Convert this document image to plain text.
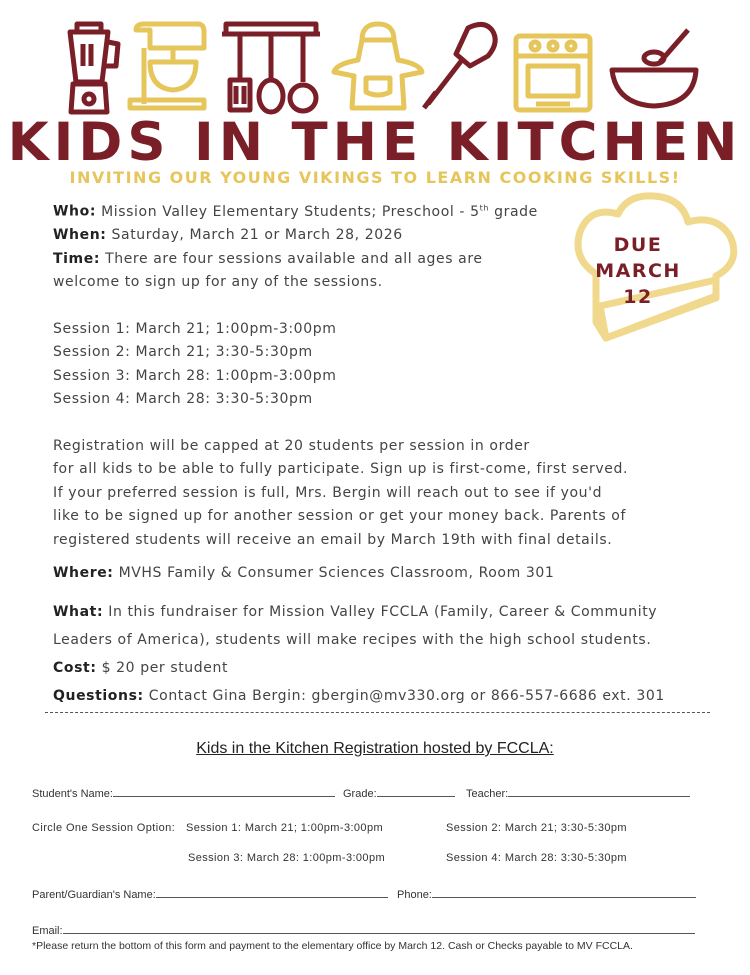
KIDS IN THE KITCHEN
INVITING OUR YOUNG VIKINGS TO LEARN COOKING SKILLS!
DUE
MARCH
12
Who: Mission Valley Elementary Students; Preschool - 5th grade
When: Saturday, March 21 or March 28, 2026
Time: There are four sessions available and all ages are
welcome to sign up for any of the sessions.
Session 1: March 21; 1:00pm-3:00pm
Session 2: March 21; 3:30-5:30pm
Session 3: March 28: 1:00pm-3:00pm
Session 4: March 28: 3:30-5:30pm
Registration will be capped at 20 students per session in order
for all kids to be able to fully participate. Sign up is first-come, first served.
If your preferred session is full, Mrs. Bergin will reach out to see if you'd
like to be signed up for another session or get your money back. Parents of
registered students will receive an email by March 19th with final details.
Where: MVHS Family & Consumer Sciences Classroom, Room 301
What: In this fundraiser for Mission Valley FCCLA (Family, Career & Community
Leaders of America), students will make recipes with the high school students.
Cost: $ 20 per student
Questions: Contact Gina Bergin: gbergin@mv330.org or 866-557-6686 ext. 301
Kids in the Kitchen Registration hosted by FCCLA:
Student's Name:	Grade:	Teacher:
Circle One Session Option: Session 1: March 21; 1:00pm-3:00pm	Session 2: March 21; 3:30-5:30pm
Session 3: March 28: 1:00pm-3:00pm	Session 4: March 28: 3:30-5:30pm
Parent/Guardian's Name:	Phone:
Email:
*Please return the bottom of this form and payment to the elementary office by March 12. Cash or Checks payable to MV FCCLA.
